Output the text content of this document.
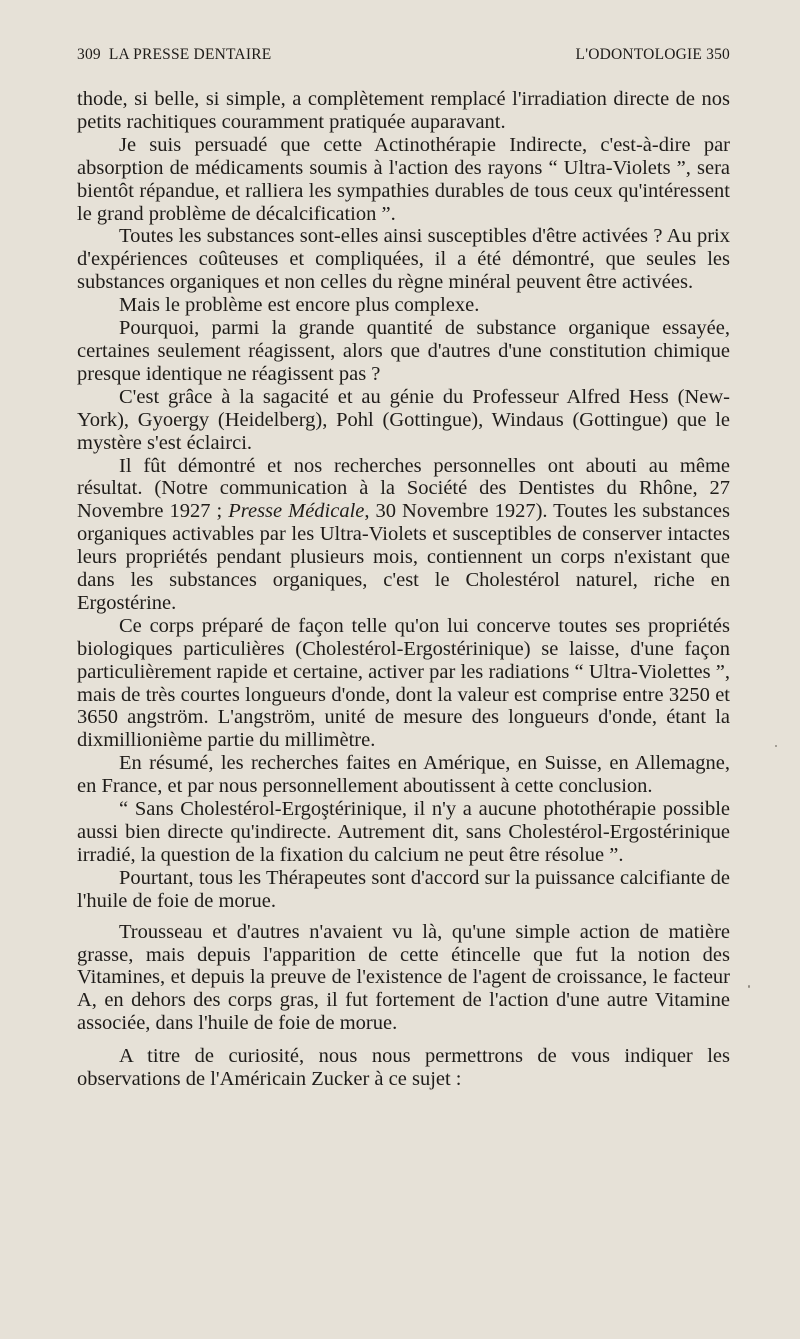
309 LA PRESSE DENTAIRE	L'ODONTOLOGIE 350

thode, si belle, si simple, a complètement remplacé l'irradiation directe de nos petits rachitiques couramment pratiquée auparavant.

Je suis persuadé que cette Actinothérapie Indirecte, c'est-à-dire par absorption de médicaments soumis à l'action des rayons “ Ultra-Violets ”, sera bientôt répandue, et ralliera les sympathies durables de tous ceux qu'intéressent le grand problème de décalcification ”.

Toutes les substances sont-elles ainsi susceptibles d'être activées ? Au prix d'expériences coûteuses et compliquées, il a été démontré, que seules les substances organiques et non celles du règne minéral peuvent être activées.

Mais le problème est encore plus complexe.

Pourquoi, parmi la grande quantité de substance organique essayée, certaines seulement réagissent, alors que d'autres d'une constitution chimique presque identique ne réagissent pas ?

C'est grâce à la sagacité et au génie du Professeur Alfred Hess (New-York), Gyoergy (Heidelberg), Pohl (Gottingue), Windaus (Gottingue) que le mystère s'est éclairci.

Il fût démontré et nos recherches personnelles ont abouti au même résultat. (Notre communication à la Société des Dentistes du Rhône, 27 Novembre 1927 ; Presse Médicale, 30 Novembre 1927). Toutes les substances organiques activables par les Ultra-Violets et susceptibles de conserver intactes leurs propriétés pendant plusieurs mois, contiennent un corps n'existant que dans les substances organiques, c'est le Cholestérol naturel, riche en Ergostérine.

Ce corps préparé de façon telle qu'on lui concerve toutes ses propriétés biologiques particulières (Cholestérol-Ergostérinique) se laisse, d'une façon particulièrement rapide et certaine, activer par les radiations “ Ultra-Violettes ”, mais de très courtes longueurs d'onde, dont la valeur est comprise entre 3250 et 3650 angström. L'angström, unité de mesure des longueurs d'onde, étant la dixmillionième partie du millimètre.

En résumé, les recherches faites en Amérique, en Suisse, en Allemagne, en France, et par nous personnellement aboutissent à cette conclusion.

“ Sans Cholestérol-Ergoştérinique, il n'y a aucune photothérapie possible aussi bien directe qu'indirecte. Autrement dit, sans Cholestérol-Ergostérinique irradié, la question de la fixation du calcium ne peut être résolue ”.

Pourtant, tous les Thérapeutes sont d'accord sur la puissance calcifiante de l'huile de foie de morue.

Trousseau et d'autres n'avaient vu là, qu'une simple action de matière grasse, mais depuis l'apparition de cette étincelle que fut la notion des Vitamines, et depuis la preuve de l'existence de l'agent de croissance, le facteur A, en dehors des corps gras, il fut fortement de l'action d'une autre Vitamine associée, dans l'huile de foie de morue.

A titre de curiosité, nous nous permettrons de vous indiquer les observations de l'Américain Zucker à ce sujet :
